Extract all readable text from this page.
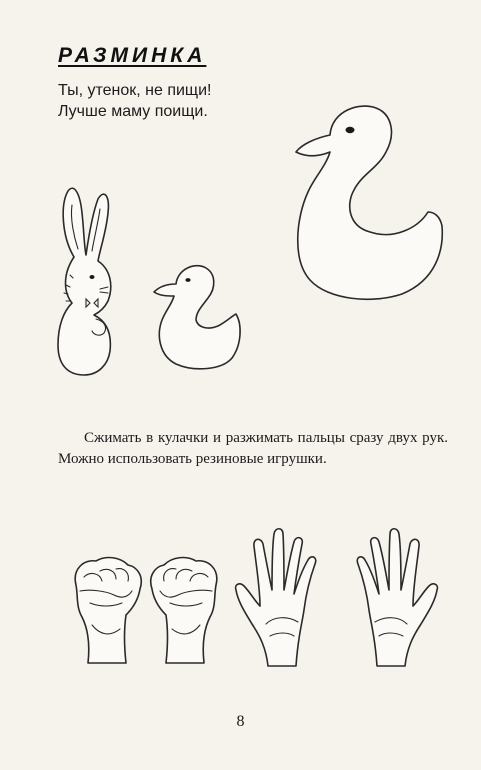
РАЗМИНКА
Ты, утенок, не пищи!
Лучше маму поищи.
Сжимать в кулачки и разжимать пальцы сразу двух рук. Можно использовать резиновые игрушки.
8
